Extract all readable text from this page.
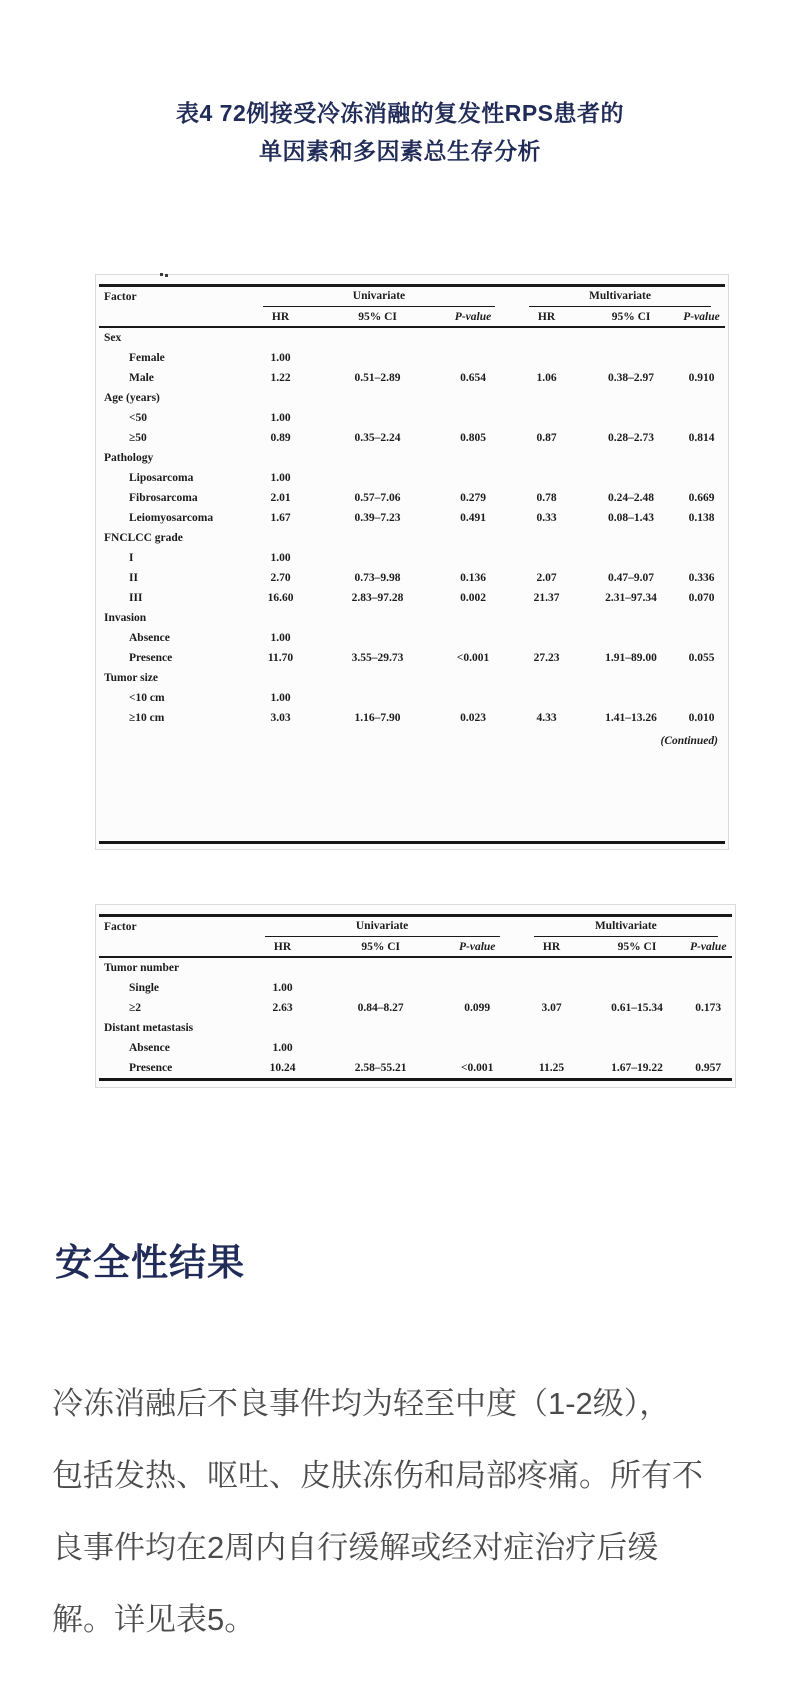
表4 72例接受冷冻消融的复发性RPS患者的
单因素和多因素总生存分析
Factor	Univariate			Multivariate		

	HR	95% CI	P-value	HR	95% CI	P-value
Sex						
Female	1.00					
Male	1.22	0.51–2.89	0.654	1.06	0.38–2.97	0.910
Age (years)						
<50	1.00					
≥50	0.89	0.35–2.24	0.805	0.87	0.28–2.73	0.814
Pathology						
Liposarcoma	1.00					
Fibrosarcoma	2.01	0.57–7.06	0.279	0.78	0.24–2.48	0.669
Leiomyosarcoma	1.67	0.39–7.23	0.491	0.33	0.08–1.43	0.138
FNCLCC grade						
I	1.00					
II	2.70	0.73–9.98	0.136	2.07	0.47–9.07	0.336
III	16.60	2.83–97.28	0.002	21.37	2.31–97.34	0.070
Invasion						
Absence	1.00					
Presence	11.70	3.55–29.73	<0.001	27.23	1.91–89.00	0.055
Tumor size						
<10 cm	1.00					
≥10 cm	3.03	1.16–7.90	0.023	4.33	1.41–13.26	0.010
(Continued)
Factor	Univariate			Multivariate		

	HR	95% CI	P-value	HR	95% CI	P-value
Tumor number						
Single	1.00					
≥2	2.63	0.84–8.27	0.099	3.07	0.61–15.34	0.173
Distant metastasis						
Absence	1.00					
Presence	10.24	2.58–55.21	<0.001	11.25	1.67–19.22	0.957
安全性结果

冷冻消融后不良事件均为轻至中度（1-2级），
包括发热、呕吐、皮肤冻伤和局部疼痛。所有不
良事件均在2周内自行缓解或经对症治疗后缓
解。详见表5。
